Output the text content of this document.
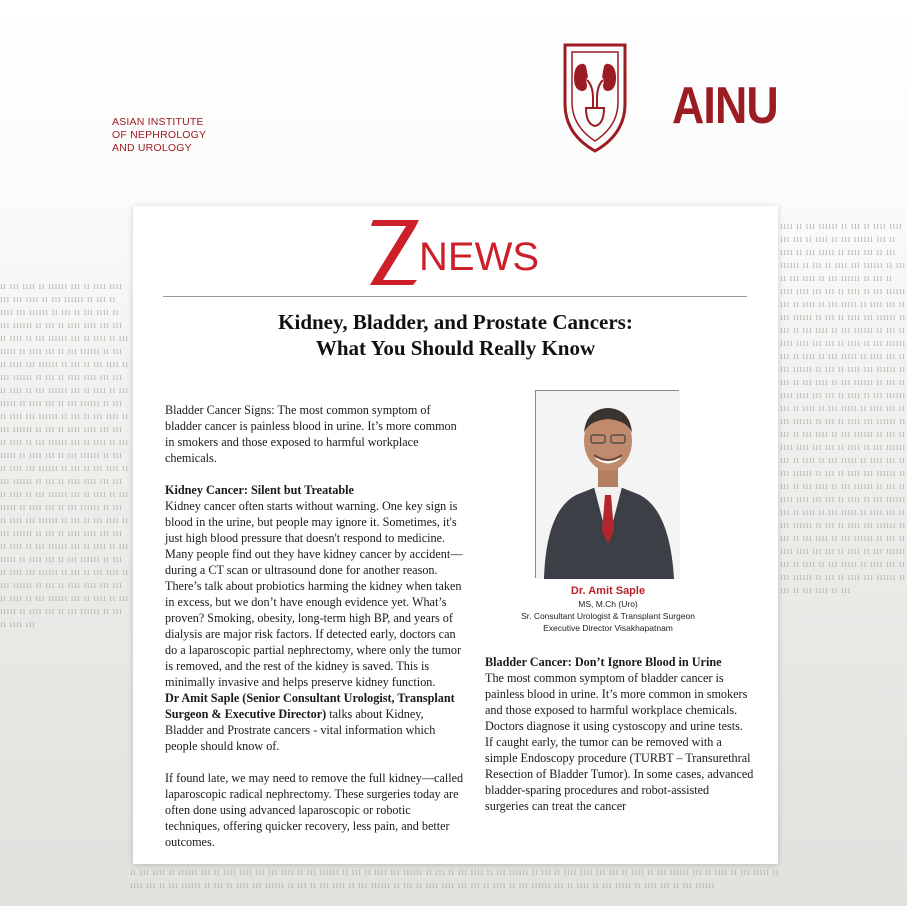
ıı ııı ıııı ıı ıııııı ııı ıı ıııı ıııı ııı ııı ıııı ıı ııı ıııııı ıı ııı ıı ıııı ııı ıııııı ıı ııı ıı ııı ıııı ıı ııı ıııııı ıı ııı ıı ıııı ıııı ııı ııı ıı ıııı ıı ııı ıııııı ııı ıı ıııı ıı ııı ııııı ıı ıııı ııı ıı ııı ıııııı ıı ııı ıı ıııı ııı ıııııı ıı ııı ıı ııı ıııı ıı ııı ıııııı ıı ııı ıı ıııı ıııı ııı ııı ıı ıııı ıı ııı ıııııı ııı ıı ıııı ıı ııı ııııı ıı ıııı ııı ıı ııı ıııııı ıı ııı ıı ıııı ııı ıııııı ıı ııı ıı ııı ıııı ıı ııı ıııııı ıı ııı ıı ıııı ıııı ııı ııı ıı ıııı ıı ııı ıııııı ııı ıı ıııı ıı ııı ııııı ıı ıııı ııı ıı ııı ıııııı ıı ııı ıı ıııı ııı ıııııı ıı ııı ıı ııı ıııı ıı ııı ıııııı ıı ııı ıı ıııı ıııı ııı ııı ıı ıııı ıı ııı ıııııı ııı ıı ıııı ıı ııı ııııı ıı ıııı ııı ıı ııı ıııııı ıı ııı ıı ıııı ııı ıııııı ıı ııı ıı ııı ıııı ıı ııı ıııııı ıı ııı ıı ıııı ıııı ııı ııı ıı ıııı ıı ııı ıııııı ııı ıı ıııı ıı ııı ııııı ıı ıııı ııı ıı ııı ıııııı ıı ııı ıı ıııı ııı ıııııı ıı ııı ıı ııı ıııı ıı ııı ıııııı ıı ııı ıı ıııı ıııı ııı ııı ıı ıııı ıı ııı ıııııı ııı ıı ıııı ıı ııı ııııı ıı ıııı ııı ıı ııı ıııııı ıı ııı ıı ıııı ııı
ıııı ıı ııı ıııııı ıı ııı ıı ıııı ıııı ııı ııı ıı ıııı ıı ııı ıııııı ııı ıı ıııı ıı ııı ııııı ıı ıııı ııı ıı ııı ıııııı ıı ııı ıı ıııı ııı ıııııı ıı ııı ıı ııı ıııı ıı ııı ıııııı ıı ııı ıı ıııı ıııı ııı ııı ıı ıııı ıı ııı ıııııı ııı ıı ıııı ıı ııı ııııı ıı ıııı ııı ıı ııı ıııııı ıı ııı ıı ıııı ııı ıııııı ıı ııı ıı ııı ıııı ıı ııı ıııııı ıı ııı ıı ıııı ıııı ııı ııı ıı ıııı ıı ııı ıııııı ııı ıı ıııı ıı ııı ııııı ıı ıııı ııı ıı ııı ıııııı ıı ııı ıı ıııı ııı ıııııı ıı ııı ıı ııı ıııı ıı ııı ıııııı ıı ııı ıı ıııı ıııı ııı ııı ıı ıııı ıı ııı ıııııı ııı ıı ıııı ıı ııı ııııı ıı ıııı ııı ıı ııı ıııııı ıı ııı ıı ıııı ııı ıııııı ıı ııı ıı ııı ıııı ıı ııı ıııııı ıı ııı ıı ıııı ıııı ııı ııı ıı ıııı ıı ııı ıııııı ııı ıı ıııı ıı ııı ııııı ıı ıııı ııı ıı ııı ıııııı ıı ııı ıı ıııı ııı ıııııı ıı ııı ıı ııı ıııı ıı ııı ıııııı ıı ııı ıı ıııı ıııı ııı ııı ıı ıııı ıı ııı ıııııı ııı ıı ıııı ıı ııı ııııı ıı ıııı ııı ıı ııı ıııııı ıı ııı ıı ıııı ııı ıııııı ıı ııı ıı ııı ıııı ıı ııı ıııııı ıı ııı ıı ıııı ıııı ııı ııı ıı ıııı ıı ııı ıııııı ııı ıı ıııı ıı ııı ııııı ıı ıııı ııı ıı ııı ıııııı ıı ııı ıı ıııı ııı ıııııı ıı ııı ıı ııı ıııı ıı ııı
ıı ııı ıııı ıı ıııııı ııı ıı ıııı ıııı ııı ııı ıııı ıı ııı ıııııı ıı ııı ıı ıııı ııı ıııııı ıı ııı ıı ııı ıııı ıı ııı ıııııı ıı ııı ıı ıııı ıııı ııı ııı ıı ıııı ıı ııı ıııııı ııı ıı ıııı ıı ııı ııııı ıı ıııı ııı ıı ııı ıııııı ıı ııı ıı ıııı ııı ıııııı ıı ııı ıı ııı ıııı ıı ııı ıııııı ıı ııı ıı ıııı ıııı ııı ııı ıı ıııı ıı ııı ıııııı ııı ıı ıııı ıı ııı ııııı ıı ıııı ııı ıı ııı ıııııı
AINU
ASIAN INSTITUTE
OF NEPHROLOGY
AND UROLOGY
NEWS
Kidney, Bladder, and Prostate Cancers:
What You Should Really Know

Bladder Cancer Signs: The most common symptom of bladder cancer is painless blood in urine. It’s more common in smokers and those exposed to harmful workplace chemicals.

Kidney Cancer: Silent but Treatable
Kidney cancer often starts without warning. One key sign is blood in the urine, but people may ignore it. Sometimes, it's just high blood pressure that doesn't respond to medicine. Many people find out they have kidney cancer by accident—during a CT scan or ultrasound done for another reason. There’s talk about probiotics harming the kidney when taken in excess, but we don’t have enough evidence yet. What’s proven? Smoking, obesity, long-term high BP, and years of dialysis are major risk factors. If detected early, doctors can do a laparoscopic partial nephrectomy, where only the tumor is removed, and the rest of the kidney is saved. This is minimally invasive and helps preserve kidney function.
Dr Amit Saple (Senior Consultant Urologist, Transplant Surgeon & Executive Director) talks about Kidney, Bladder and Prostrate cancers - vital information which people should know of.

If found late, we may need to remove the full kidney—called laparoscopic radical nephrectomy. These surgeries today are often done using advanced laparoscopic or robotic techniques, offering quicker recovery, less pain, and better outcomes.

Dr. Amit Saple
MS, M.Ch (Uro)
Sr. Consultant Urologist & Transplant Surgeon
Executive Director Visakhapatnam
Bladder Cancer: Don’t Ignore Blood in Urine
The most common symptom of bladder cancer is painless blood in urine. It’s more common in smokers and those exposed to harmful workplace chemicals. Doctors diagnose it using cystoscopy and urine tests.
If caught early, the tumor can be removed with a simple Endoscopy procedure (TURBT – Transurethral Resection of Bladder Tumor). In some cases, advanced bladder-sparing procedures and robot-assisted surgeries can treat the cancer
